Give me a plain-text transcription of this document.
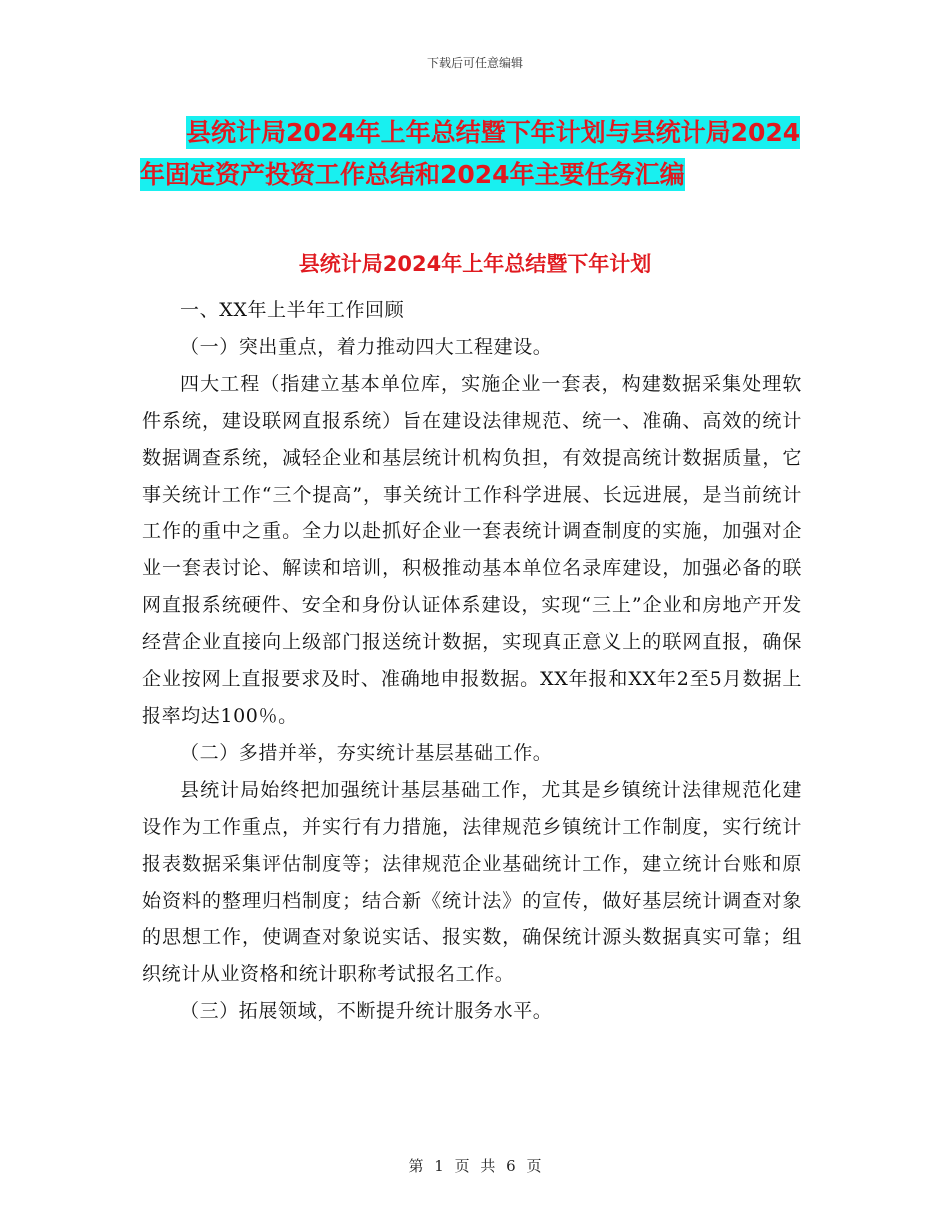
下载后可任意编辑
县统计局2024年上年总结暨下年计划与县统计局2024
年固定资产投资工作总结和2024年主要任务汇编
县统计局2024年上年总结暨下年计划

一、XX年上半年工作回顾

（一）突出重点，着力推动四大工程建设。

四大工程（指建立基本单位库，实施企业一套表，构建数据采集处理软件系统，建设联网直报系统）旨在建设法律规范、统一、准确、高效的统计数据调查系统，减轻企业和基层统计机构负担，有效提高统计数据质量，它事关统计工作“三个提高”，事关统计工作科学进展、长远进展，是当前统计工作的重中之重。全力以赴抓好企业一套表统计调查制度的实施，加强对企业一套表讨论、解读和培训，积极推动基本单位名录库建设，加强必备的联网直报系统硬件、安全和身份认证体系建设，实现“三上”企业和房地产开发经营企业直接向上级部门报送统计数据，实现真正意义上的联网直报，确保企业按网上直报要求及时、准确地申报数据。XX年报和XX年2至5月数据上报率均达100％。

（二）多措并举，夯实统计基层基础工作。

县统计局始终把加强统计基层基础工作，尤其是乡镇统计法律规范化建设作为工作重点，并实行有力措施，法律规范乡镇统计工作制度，实行统计报表数据采集评估制度等；法律规范企业基础统计工作，建立统计台账和原始资料的整理归档制度；结合新《统计法》的宣传，做好基层统计调查对象的思想工作，使调查对象说实话、报实数，确保统计源头数据真实可靠；组织统计从业资格和统计职称考试报名工作。

（三）拓展领域，不断提升统计服务水平。

第 1 页 共 6 页
